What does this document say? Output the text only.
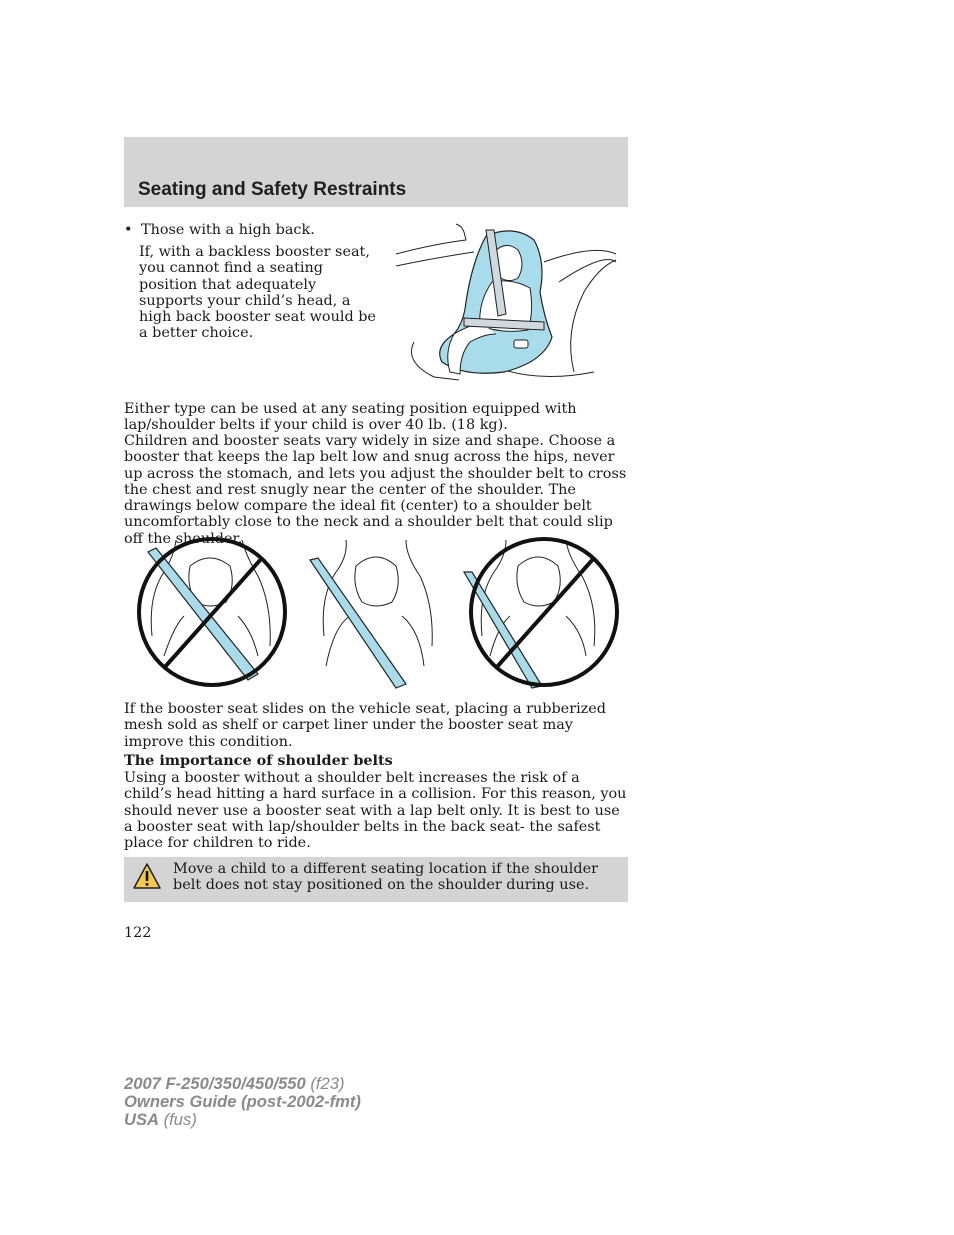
Seating and Safety Restraints
• Those with a high back.

If, with a backless booster seat, you cannot find a seating position that adequately supports your child’s head, a high back booster seat would be a better choice.

Either type can be used at any seating position equipped with lap/shoulder belts if your child is over 40 lb. (18 kg).

Children and booster seats vary widely in size and shape. Choose a booster that keeps the lap belt low and snug across the hips, never up across the stomach, and lets you adjust the shoulder belt to cross the chest and rest snugly near the center of the shoulder. The drawings below compare the ideal fit (center) to a shoulder belt uncomfortably close to the neck and a shoulder belt that could slip off the shoulder.

If the booster seat slides on the vehicle seat, placing a rubberized mesh sold as shelf or carpet liner under the booster seat may improve this condition.

The importance of shoulder belts

Using a booster without a shoulder belt increases the risk of a child’s head hitting a hard surface in a collision. For this reason, you should never use a booster seat with a lap belt only. It is best to use a booster seat with lap/shoulder belts in the back seat- the safest place for children to ride.

Move a child to a different seating location if the shoulder belt does not stay positioned on the shoulder during use.

122
2007 F-250/350/450/550 (f23)
Owners Guide (post-2002-fmt)
USA (fus)
